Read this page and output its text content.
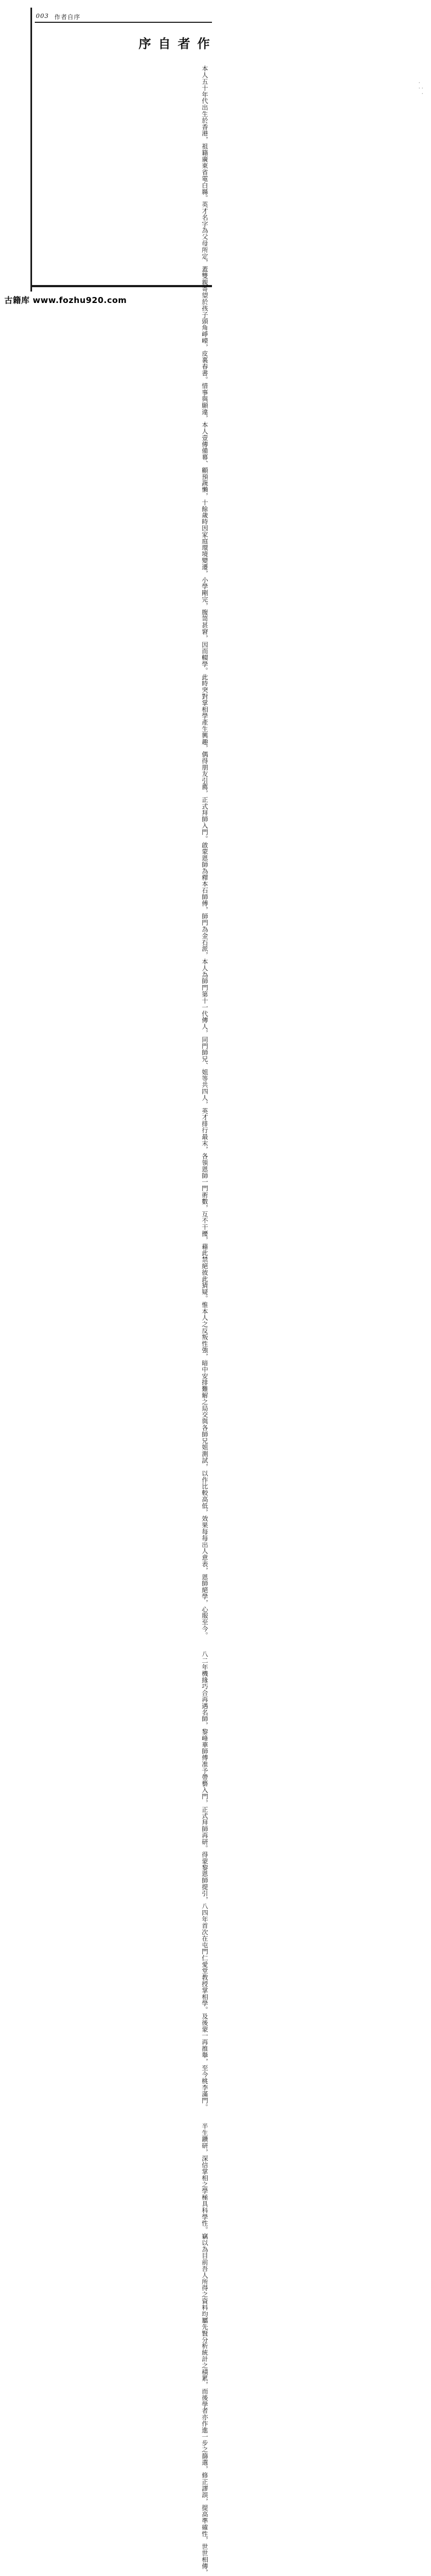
003 作者自序
作者自序
本人五十年代出生於香港，祖籍廣東省電白縣。英才名字為父母所定，蓋雙親
寄望於孩子頭角崢嶸，皮裏春書。惜事與願違，本人壹傳備幕、顧預蔬懶，十餘歲
時因家庭環境變遷，小學剛完，腹笥甚窘，因而輟學。此時突對掌相學產生興趣，
偶得朋友引薦，正式拜師入門。啟蒙恩師為釋本石師傅，師門為金石派，本人為師
門第十一代傳人，同門師兄、姐等共四人，英才排行最末，各領恩師一門術數，互
不干擾，藉此禁絕彼此猜疑。惟本人之反叛性強，暗中安排難解之局交與各師兄姐
測試，以作比較高低，效果每每出人意表，恩師絕學，心服至今。
八二年機緣巧合再遇名師，黎峰華師傅准予帶藝入門，正式拜師再研。得蒙黎
恩師提引，八四年首次在屯門仁愛堂教授掌相學。及後蒙一再推舉，至今桃李滿
門。
半生鑽研，深信掌相之學極具科學性。竊以為目前吾人所得之資料均屬先賢分
析統計之積累，而後學者亦作進一步之篩選，修正謬誤，提高準確性，世世相傳，
·
· ·
·
古籍库 www.fozhu920.com
